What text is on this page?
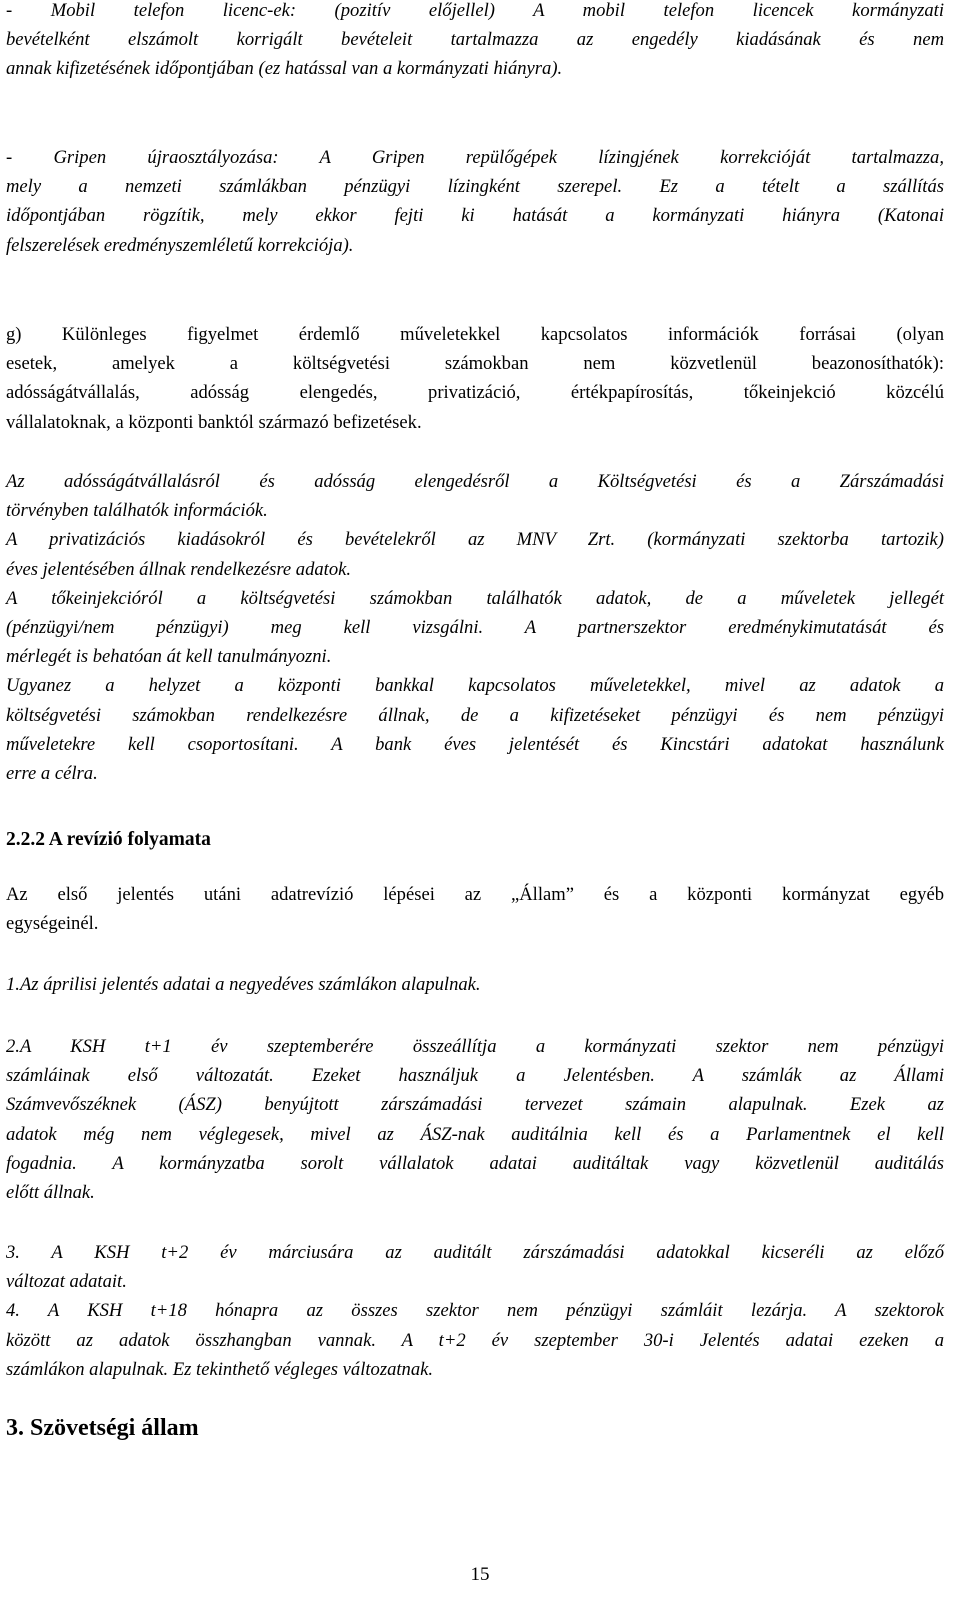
- Mobil telefon licenc-ek: (pozitív előjellel) A mobil telefon licencek kormányzati
bevételként elszámolt korrigált bevételeit tartalmazza az engedély kiadásának és nem
annak kifizetésének időpontjában (ez hatással van a kormányzati hiányra).

- Gripen újraosztályozása: A Gripen repülőgépek lízingjének korrekcióját tartalmazza,
mely a nemzeti számlákban pénzügyi lízingként szerepel. Ez a tételt a szállítás
időpontjában rögzítik, mely ekkor fejti ki hatását a kormányzati hiányra (Katonai
felszerelések eredményszemléletű korrekciója).

g) Különleges figyelmet érdemlő műveletekkel kapcsolatos információk forrásai (olyan
esetek, amelyek a költségvetési számokban nem közvetlenül beazonosíthatók):
adósságátvállalás, adósság elengedés, privatizáció, értékpapírosítás, tőkeinjekció közcélú
vállalatoknak, a központi banktól származó befizetések.

Az adósságátvállalásról és adósság elengedésről a Költségvetési és a Zárszámadási
törvényben találhatók információk.
A privatizációs kiadásokról és bevételekről az MNV Zrt. (kormányzati szektorba tartozik)
éves jelentésében állnak rendelkezésre adatok.
A tőkeinjekcióról a költségvetési számokban találhatók adatok, de a műveletek jellegét
(pénzügyi/nem pénzügyi) meg kell vizsgálni. A partnerszektor eredménykimutatását és
mérlegét is behatóan át kell tanulmányozni.
Ugyanez a helyzet a központi bankkal kapcsolatos műveletekkel, mivel az adatok a
költségvetési számokban rendelkezésre állnak, de a kifizetéseket pénzügyi és nem pénzügyi
műveletekre kell csoportosítani. A bank éves jelentését és Kincstári adatokat használunk
erre a célra.

2.2.2 A revízió folyamata

Az első jelentés utáni adatrevízió lépései az „Állam” és a központi kormányzat egyéb
egységeinél.

1.Az áprilisi jelentés adatai a negyedéves számlákon alapulnak.

2.A KSH t+1 év szeptemberére összeállítja a kormányzati szektor nem pénzügyi
számláinak első változatát. Ezeket használjuk a Jelentésben. A számlák az Állami
Számvevőszéknek (ÁSZ) benyújtott zárszámadási tervezet számain alapulnak. Ezek az
adatok még nem véglegesek, mivel az ÁSZ-nak auditálnia kell és a Parlamentnek el kell
fogadnia. A kormányzatba sorolt vállalatok adatai auditáltak vagy közvetlenül auditálás
előtt állnak.

3. A KSH t+2 év márciusára az auditált zárszámadási adatokkal kicseréli az előző
változat adatait.
4. A KSH t+18 hónapra az összes szektor nem pénzügyi számláit lezárja. A szektorok
között az adatok összhangban vannak. A t+2 év szeptember 30-i Jelentés adatai ezeken a
számlákon alapulnak. Ez tekinthető végleges változatnak.

3. Szövetségi állam
15
